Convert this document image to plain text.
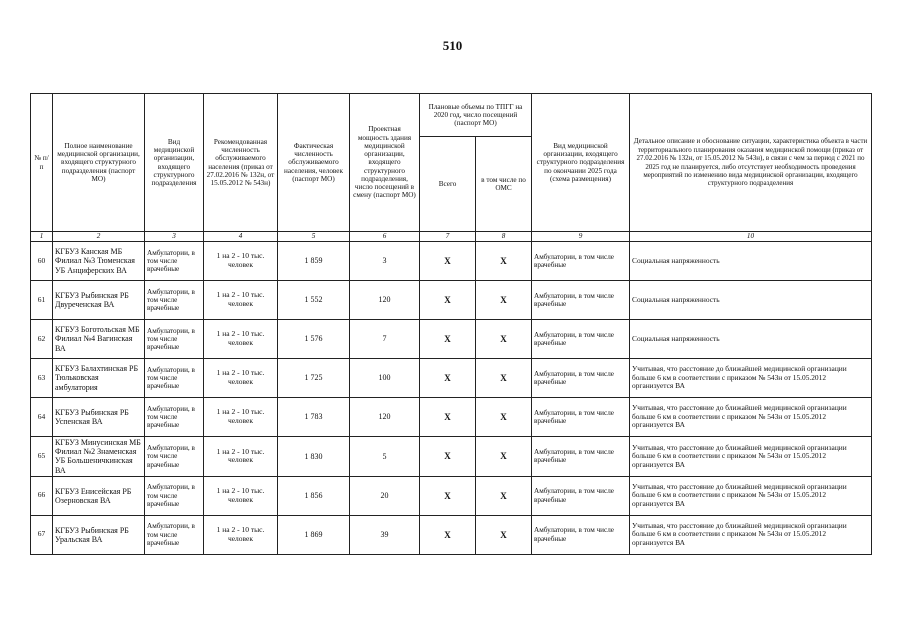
510
№ п/п	Полное наименование медицинской организации, входящего структурного подразделения (паспорт МО)	Вид медицинской организации, входящего структурного подразделения	Рекомендованная численность обслуживаемого населения (приказ от 27.02.2016 № 132н, от 15.05.2012 № 543н)	Фактическая численность обслуживаемого населения, человек (паспорт МО)	Проектная мощность здания медицинской организации, входящего структурного подразделения, число посещений в смену (паспорт МО)	Плановые объемы по ТПГГ на 2020 год, число посещений (паспорт МО)		Вид медицинской организации, входящего структурного подразделения по окончании 2025 года (схема размещения)	Детальное описание и обоснование ситуации, характеристика объекта в части территориального планирования оказания медицинской помощи (приказ от 27.02.2016 № 132н, от 15.05.2012 № 543н), в связи с чем за период с 2021 по 2025 год не планируется, либо отсутствует необходимость проведения мероприятий по изменению вида медицинской организации, входящего структурного подразделения
						Всего	в том числе по ОМС		
1	2	3	4	5	6	7	8	9	10
60	КГБУЗ Канская МБ Филиал №3 Тюменская УБ Анциферских ВА	Амбулатории, в том числе врачебные	1 на 2 - 10 тыс. человек	1 859	3	X	X	Амбулатории, в том числе врачебные	Социальная напряженность
61	КГБУЗ Рыбинская РБ Двуреченская ВА	Амбулатории, в том числе врачебные	1 на 2 - 10 тыс. человек	1 552	120	X	X	Амбулатории, в том числе врачебные	Социальная напряженность
62	КГБУЗ Боготольская МБ Филиал №4 Вагинская ВА	Амбулатории, в том числе врачебные	1 на 2 - 10 тыс. человек	1 576	7	X	X	Амбулатории, в том числе врачебные	Социальная напряженность
63	КГБУЗ Балахтинская РБ Тюльковская амбулатория	Амбулатории, в том числе врачебные	1 на 2 - 10 тыс. человек	1 725	100	X	X	Амбулатории, в том числе врачебные	Учитывая, что расстояние до ближайшей медицинской организации больше 6 км в соответствии с приказом № 543н от 15.05.2012 организуется ВА
64	КГБУЗ Рыбинская РБ Успенская ВА	Амбулатории, в том числе врачебные	1 на 2 - 10 тыс. человек	1 783	120	X	X	Амбулатории, в том числе врачебные	Учитывая, что расстояние до ближайшей медицинской организации больше 6 км в соответствии с приказом № 543н от 15.05.2012 организуется ВА
65	КГБУЗ Минусинская МБ Филиал №2 Знаменская УБ Большеничкинская ВА	Амбулатории, в том числе врачебные	1 на 2 - 10 тыс. человек	1 830	5	X	X	Амбулатории, в том числе врачебные	Учитывая, что расстояние до ближайшей медицинской организации больше 6 км в соответствии с приказом № 543н от 15.05.2012 организуется ВА
66	КГБУЗ Енисейская РБ Озерновская ВА	Амбулатории, в том числе врачебные	1 на 2 - 10 тыс. человек	1 856	20	X	X	Амбулатории, в том числе врачебные	Учитывая, что расстояние до ближайшей медицинской организации больше 6 км в соответствии с приказом № 543н от 15.05.2012 организуется ВА
67	КГБУЗ Рыбинская РБ Уральская ВА	Амбулатории, в том числе врачебные	1 на 2 - 10 тыс. человек	1 869	39	X	X	Амбулатории, в том числе врачебные	Учитывая, что расстояние до ближайшей медицинской организации больше 6 км в соответствии с приказом № 543н от 15.05.2012 организуется ВА
